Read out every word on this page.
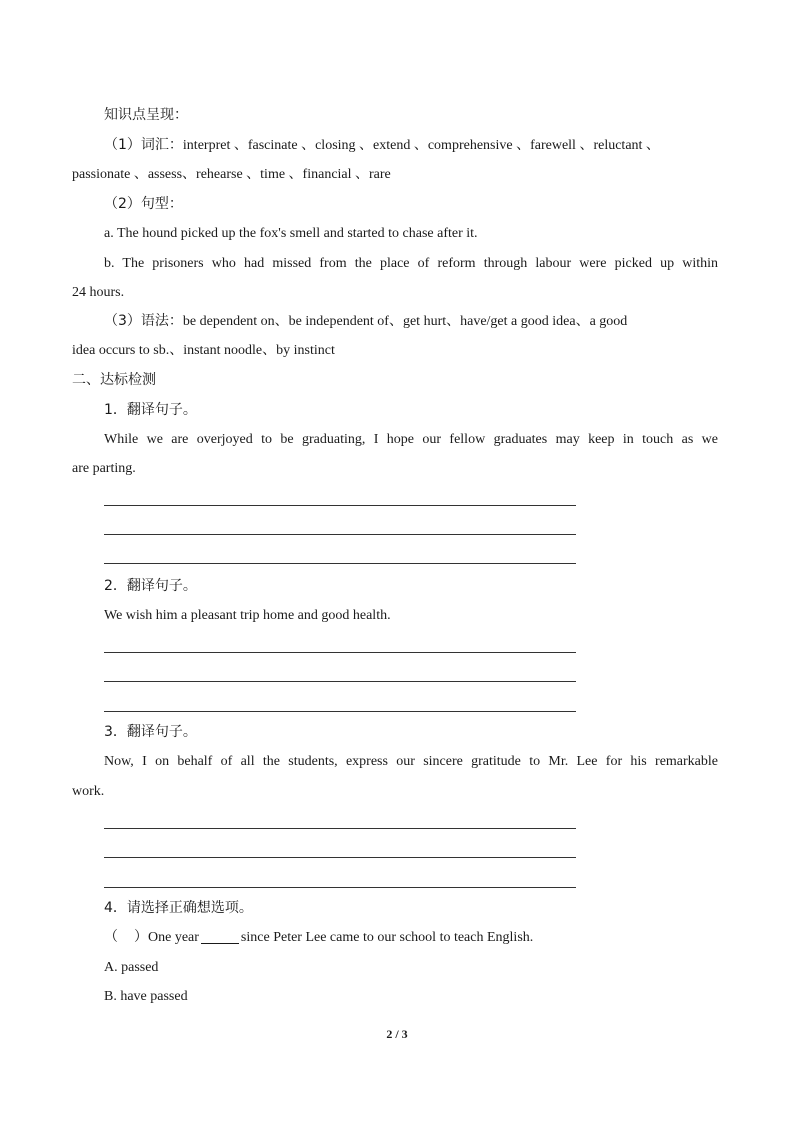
知识点呈现：
（1）词汇：interpret 、fascinate 、closing 、extend 、comprehensive 、farewell 、reluctant 、
passionate 、assess、rehearse 、time 、financial 、rare
（2）句型：
a. The hound picked up the fox's smell and started to chase after it.
b. The prisoners who had missed from the place of reform through labour were picked up within
24 hours.
（3）语法：be dependent on、be independent of、get hurt、have/get a good idea、a good
idea occurs to sb.、instant noodle、by instinct
二、达标检测
1．翻译句子。
While we are overjoyed to be graduating, I hope our fellow graduates may keep in touch as we
are parting.
2．翻译句子。
We wish him a pleasant trip home and good health.
3．翻译句子。
Now, I on behalf of all the students, express our sincere gratitude to Mr. Lee for his remarkable
work.
4．请选择正确想选项。
（ ）One year	since Peter Lee came to our school to teach English.
A. passed
B. have passed
2 / 3
